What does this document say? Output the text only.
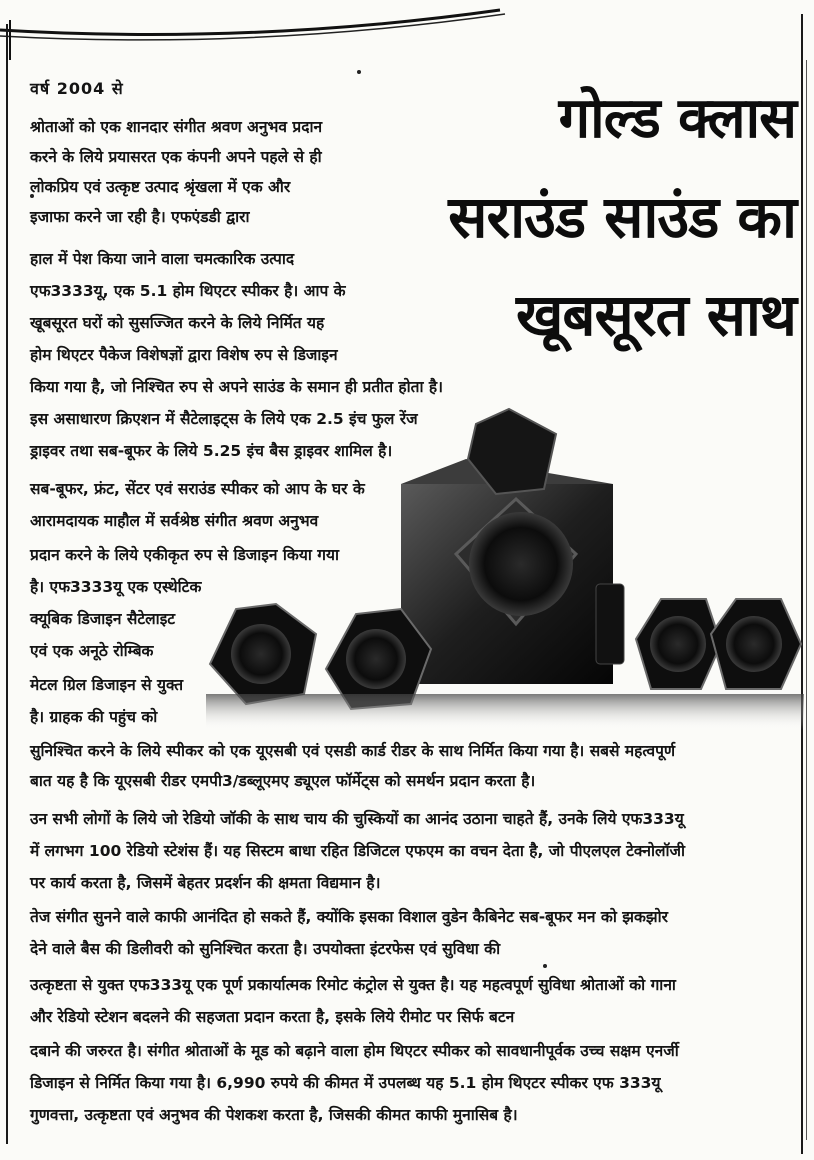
गोल्ड क्लास
सराउंड साउंड का
खूबसूरत साथ
वर्ष 2004 से
श्रोताओं को एक शानदार संगीत श्रवण अनुभव प्रदान
करने के लिये प्रयासरत एक कंपनी अपने पहले से ही
लोकप्रिय एवं उत्कृष्ट उत्पाद श्रृंखला में एक और
इजाफा करने जा रही है। एफएंडडी द्वारा
हाल में पेश किया जाने वाला चमत्कारिक उत्पाद
एफ3333यू, एक 5.1 होम थिएटर स्पीकर है। आप के
खूबसूरत घरों को सुसज्जित करने के लिये निर्मित यह
होम थिएटर पैकेज विशेषज्ञों द्वारा विशेष रुप से डिजाइन
किया गया है, जो निश्चित रुप से अपने साउंड के समान ही प्रतीत होता है।
इस असाधारण क्रिएशन में सैटेलाइट्स के लिये एक 2.5 इंच फुल रेंज
ड्राइवर तथा सब-बूफर के लिये 5.25 इंच बैस ड्राइवर शामिल है।
सब-बूफर, फ्रंट, सेंटर एवं सराउंड स्पीकर को आप के घर के
आरामदायक माहौल में सर्वश्रेष्ठ संगीत श्रवण अनुभव
प्रदान करने के लिये एकीकृत रुप से डिजाइन किया गया
है। एफ3333यू एक एस्थेटिक
क्यूबिक डिजाइन सैटेलाइट
एवं एक अनूठे रोम्बिक
मेटल ग्रिल डिजाइन से युक्त
है। ग्राहक की पहुंच को
सुनिश्चित करने के लिये स्पीकर को एक यूएसबी एवं एसडी कार्ड रीडर के साथ निर्मित किया गया है। सबसे महत्वपूर्ण
बात यह है कि यूएसबी रीडर एमपी3/डब्लूएमए ड्यूएल फॉर्मेट्स को समर्थन प्रदान करता है।
उन सभी लोगों के लिये जो रेडियो जॉकी के साथ चाय की चुस्कियों का आनंद उठाना चाहते हैं, उनके लिये एफ333यू
में लगभग 100 रेडियो स्टेशंस हैं। यह सिस्टम बाधा रहित डिजिटल एफएम का वचन देता है, जो पीएलएल टेक्नोलॉजी
पर कार्य करता है, जिसमें बेहतर प्रदर्शन की क्षमता विद्यमान है।
तेज संगीत सुनने वाले काफी आनंदित हो सकते हैं, क्योंकि इसका विशाल वुडेन कैबिनेट सब-बूफर मन को झकझोर
देने वाले बैस की डिलीवरी को सुनिश्चित करता है। उपयोक्ता इंटरफेस एवं सुविधा की
उत्कृष्टता से युक्त एफ333यू एक पूर्ण प्रकार्यात्मक रिमोट कंट्रोल से युक्त है। यह महत्वपूर्ण सुविधा श्रोताओं को गाना
और रेडियो स्टेशन बदलने की सहजता प्रदान करता है, इसके लिये रीमोट पर सिर्फ बटन
दबाने की जरुरत है। संगीत श्रोताओं के मूड को बढ़ाने वाला होम थिएटर स्पीकर को सावधानीपूर्वक उच्च सक्षम एनर्जी
डिजाइन से निर्मित किया गया है। 6,990 रुपये की कीमत में उपलब्ध यह 5.1 होम थिएटर स्पीकर एफ 333यू
गुणवत्ता, उत्कृष्टता एवं अनुभव की पेशकश करता है, जिसकी कीमत काफी मुनासिब है।
